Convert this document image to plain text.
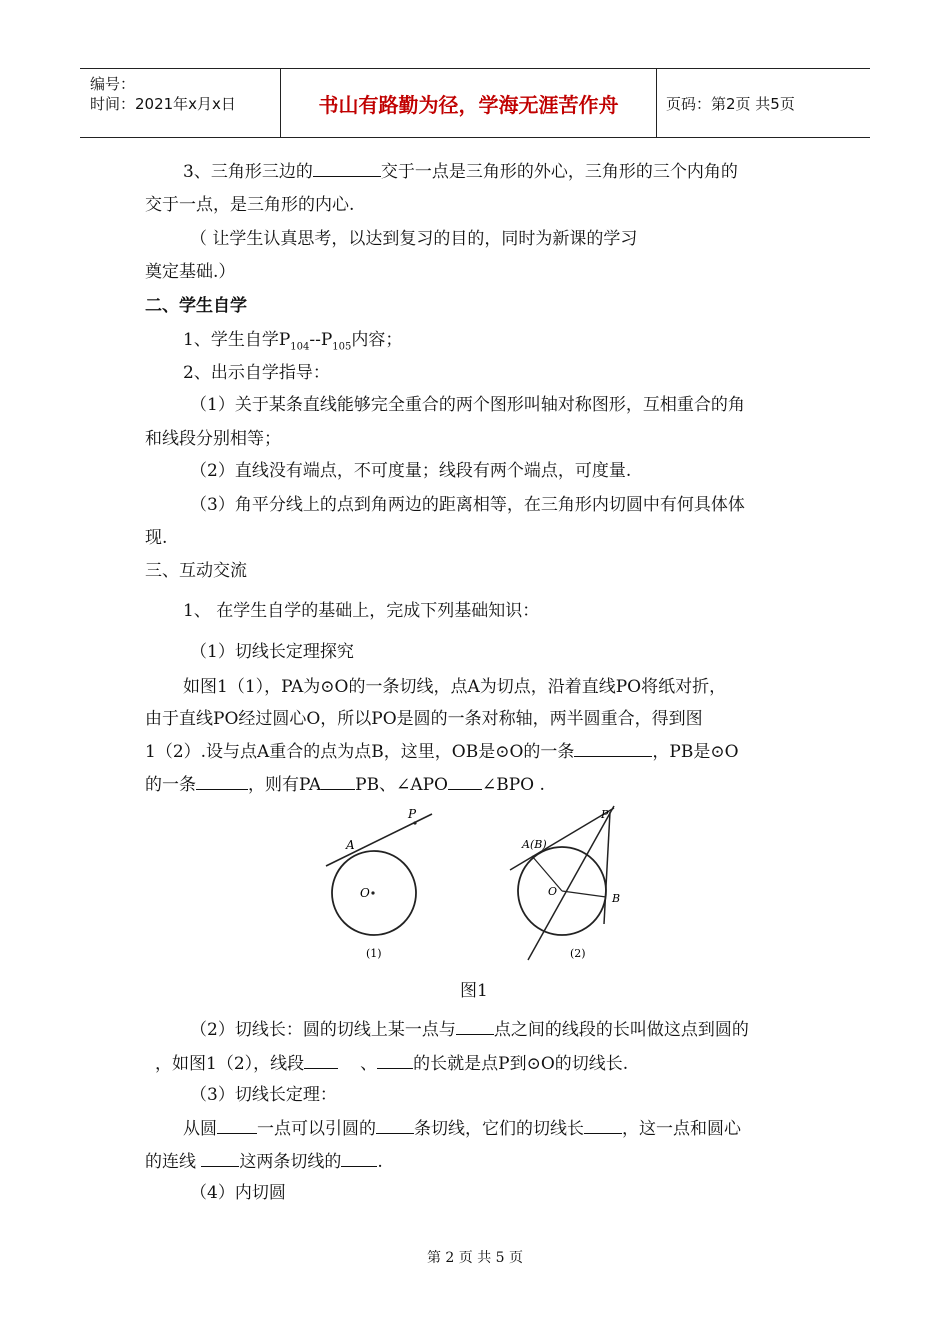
编号：
时间：2021年x月x日	书山有路勤为径，学海无涯苦作舟	页码：第2页 共5页
3、三角形三边的	交于一点是三角形的外心，三角形的三个内角的
交于一点，是三角形的内心.
（ 让学生认真思考，以达到复习的目的，同时为新课的学习
奠定基础.）
二、学生自学
1、学生自学$P_{104}--P_{105}$内容；
2、出示自学指导：
（1）关于某条直线能够完全重合的两个图形叫轴对称图形，互相重合的角
和线段分别相等；
（2）直线没有端点，不可度量；线段有两个端点，可度量.
（3）角平分线上的点到角两边的距离相等，在三角形内切圆中有何具体体
现.
三、互动交流
1、 在学生自学的基础上，完成下列基础知识：
（1）切线长定理探究
如图1（1），PA为⊙O的一条切线，点A为切点，沿着直线PO将纸对折，
由于直线PO经过圆心O，所以PO是圆的一条对称轴，两半圆重合，得到图
1（2）.设与点A重合的点为点B，这里，OB是⊙O的一条	，PB是⊙O
的一条	，则有PA PB、∠APO ∠BPO .
A
P
O
(1)
A(B)
P
O
B
(2)
图1
（2）切线长：圆的切线上某一点与 点之间的线段的长叫做这点到圆的
，如图1（2），线段	、 的长就是点P到⊙O的切线长.
（3）切线长定理：
从圆 一点可以引圆的 条切线，它们的切线长 ，这一点和圆心
的连线 这两条切线的 .
（4）内切圆
第 2 页 共 5 页
